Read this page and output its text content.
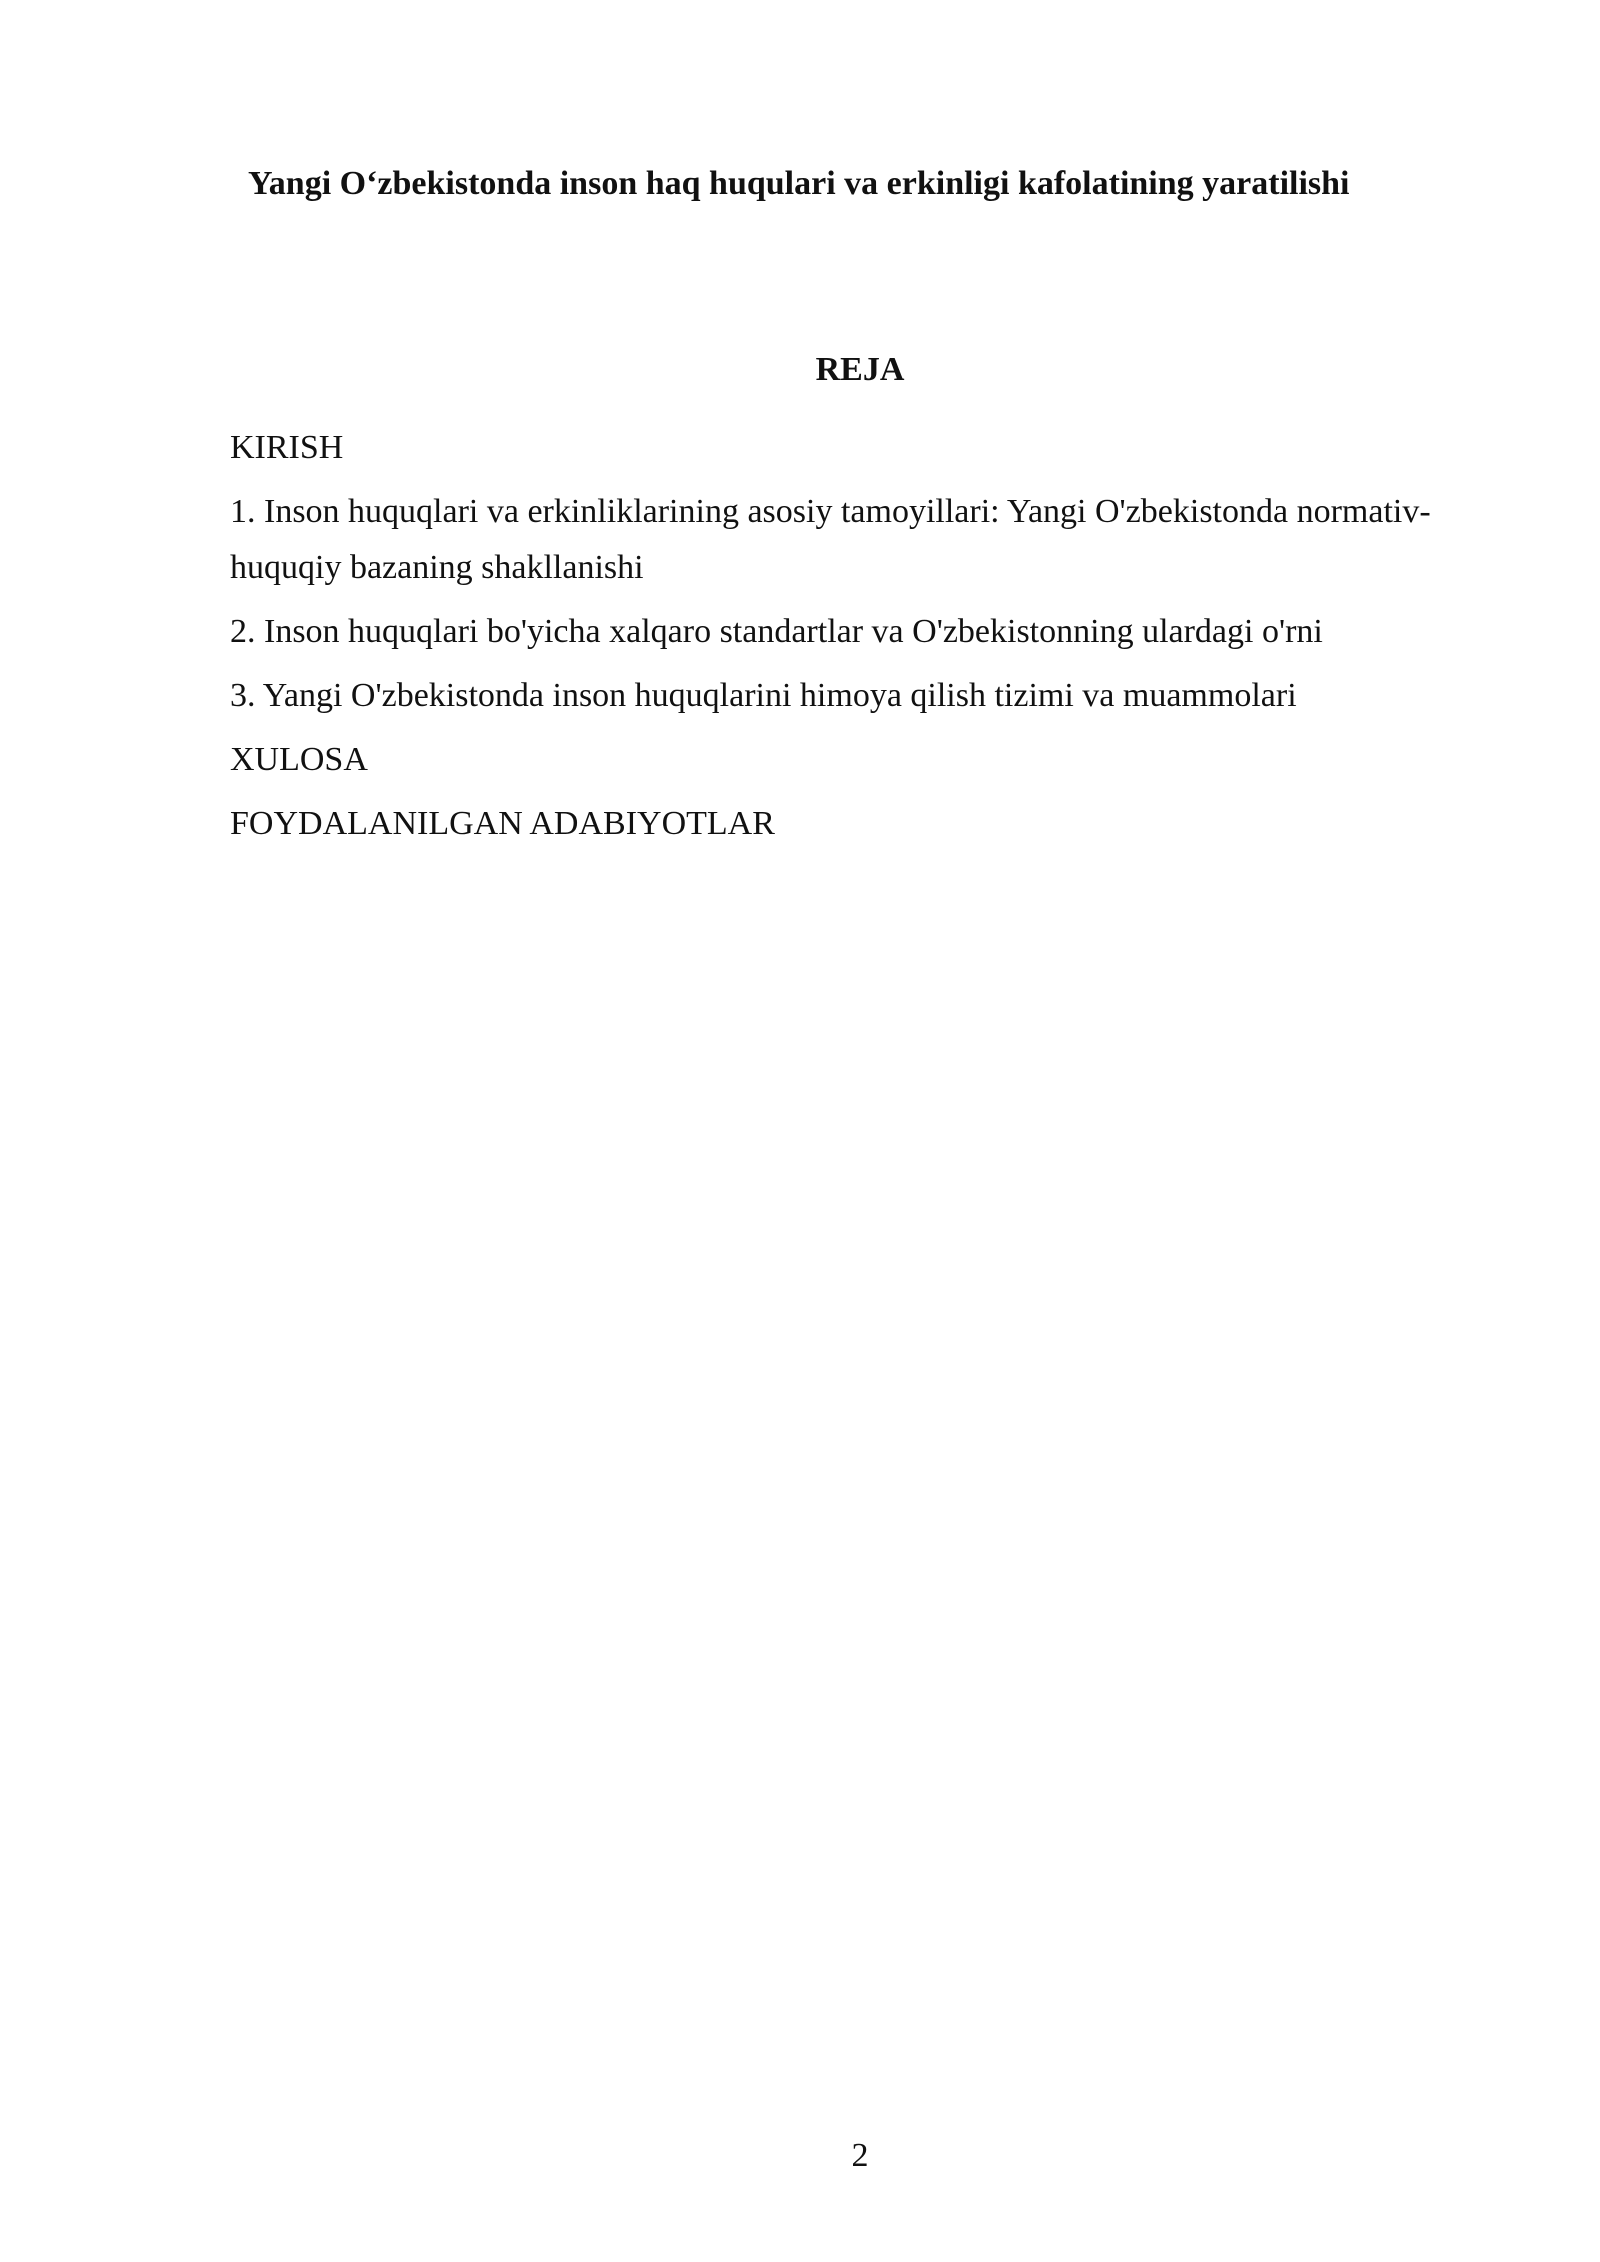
Yangi O‘zbekistonda inson haq huqulari va erkinligi kafolatining yaratilishi
REJA
KIRISH
1. Inson huquqlari va erkinliklarining asosiy tamoyillari: Yangi O'zbekistonda normativ-huquqiy bazaning shakllanishi
2. Inson huquqlari bo'yicha xalqaro standartlar va O'zbekistonning ulardagi o'rni
3. Yangi O'zbekistonda inson huquqlarini himoya qilish tizimi va muammolari
XULOSA
FOYDALANILGAN ADABIYOTLAR
2
